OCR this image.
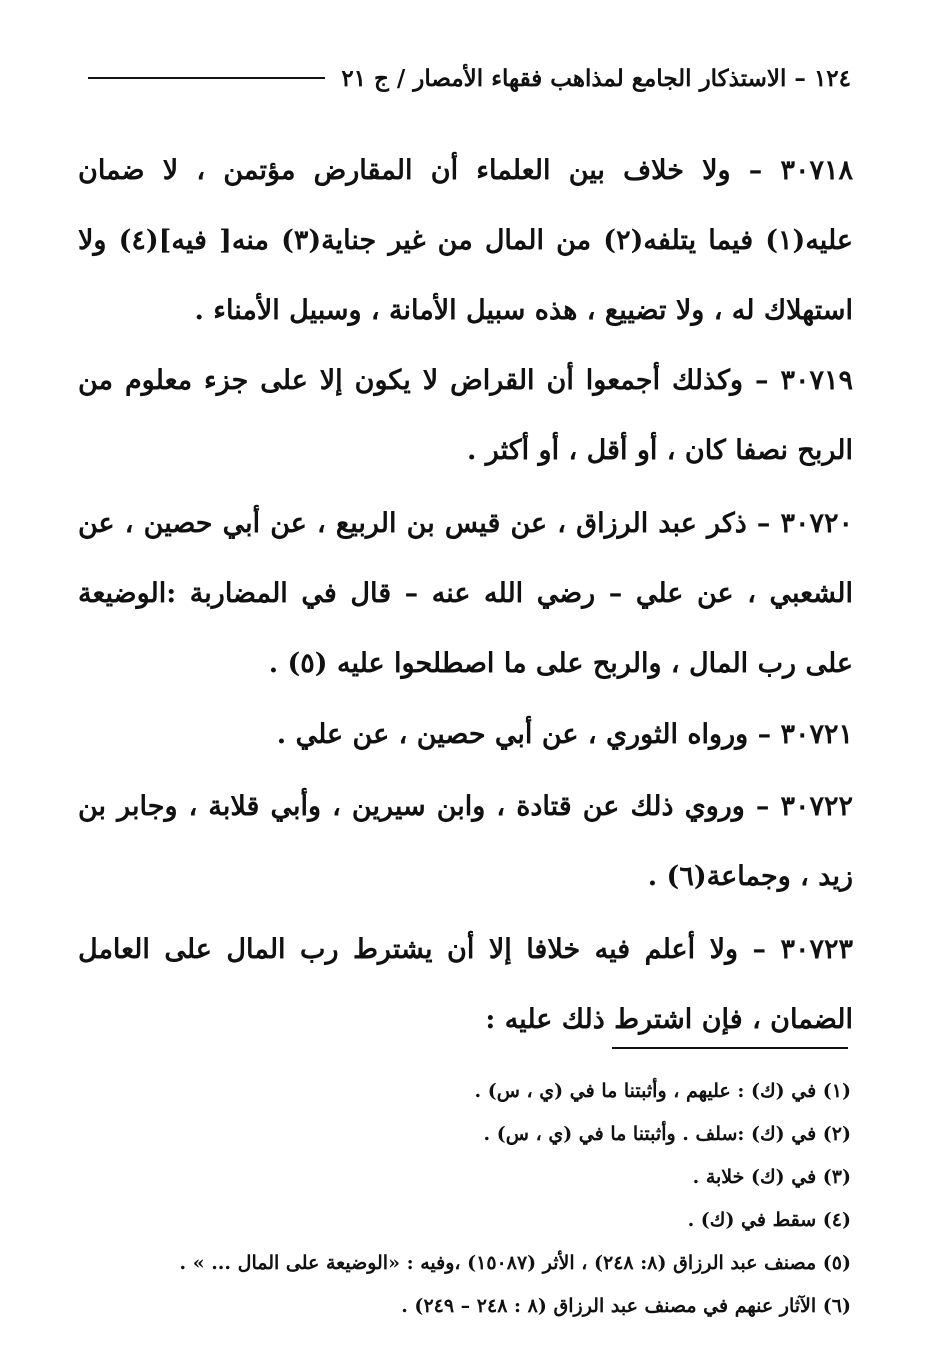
١٢٤ – الاستذكار الجامع لمذاهب فقهاء الأمصار / ج ٢١
٣٠٧١٨ – ولا خلاف بين العلماء أن المقارض مؤتمن ، لا ضمان عليه(١) فيما يتلفه(٢) من المال من غير جناية(٣) منه[ فيه](٤) ولا استهلاك له ، ولا تضييع ، هذه سبيل الأمانة ، وسبيل الأمناء .
٣٠٧١٩ – وكذلك أجمعوا أن القراض لا يكون إلا على جزء معلوم من الربح نصفا كان ، أو أقل ، أو أكثر .
٣٠٧٢٠ – ذكر عبد الرزاق ، عن قيس بن الربيع ، عن أبي حصين ، عن الشعبي ، عن علي – رضي الله عنه – قال في المضاربة :الوضيعة على رب المال ، والربح على ما اصطلحوا عليه (٥) .
٣٠٧٢١ – ورواه الثوري ، عن أبي حصين ، عن علي .
٣٠٧٢٢ – وروي ذلك عن قتادة ، وابن سيرين ، وأبي قلابة ، وجابر بن زيد ، وجماعة(٦) .
٣٠٧٢٣ – ولا أعلم فيه خلافا إلا أن يشترط رب المال على العامل الضمان ، فإن اشترط ذلك عليه :
(١) في (ك) : عليهم ، وأثبتنا ما في (ي ، س) .
(٢) في (ك) :سلف . وأثبتنا ما في (ي ، س) .
(٣) في (ك) خلابة .
(٤) سقط في (ك) .
(٥) مصنف عبد الرزاق (٨: ٢٤٨) ، الأثر (١٥٠٨٧) ،وفيه : «الوضيعة على المال ... » .
(٦) الآثار عنهم في مصنف عبد الرزاق (٨ : ٢٤٨ – ٢٤٩) .
